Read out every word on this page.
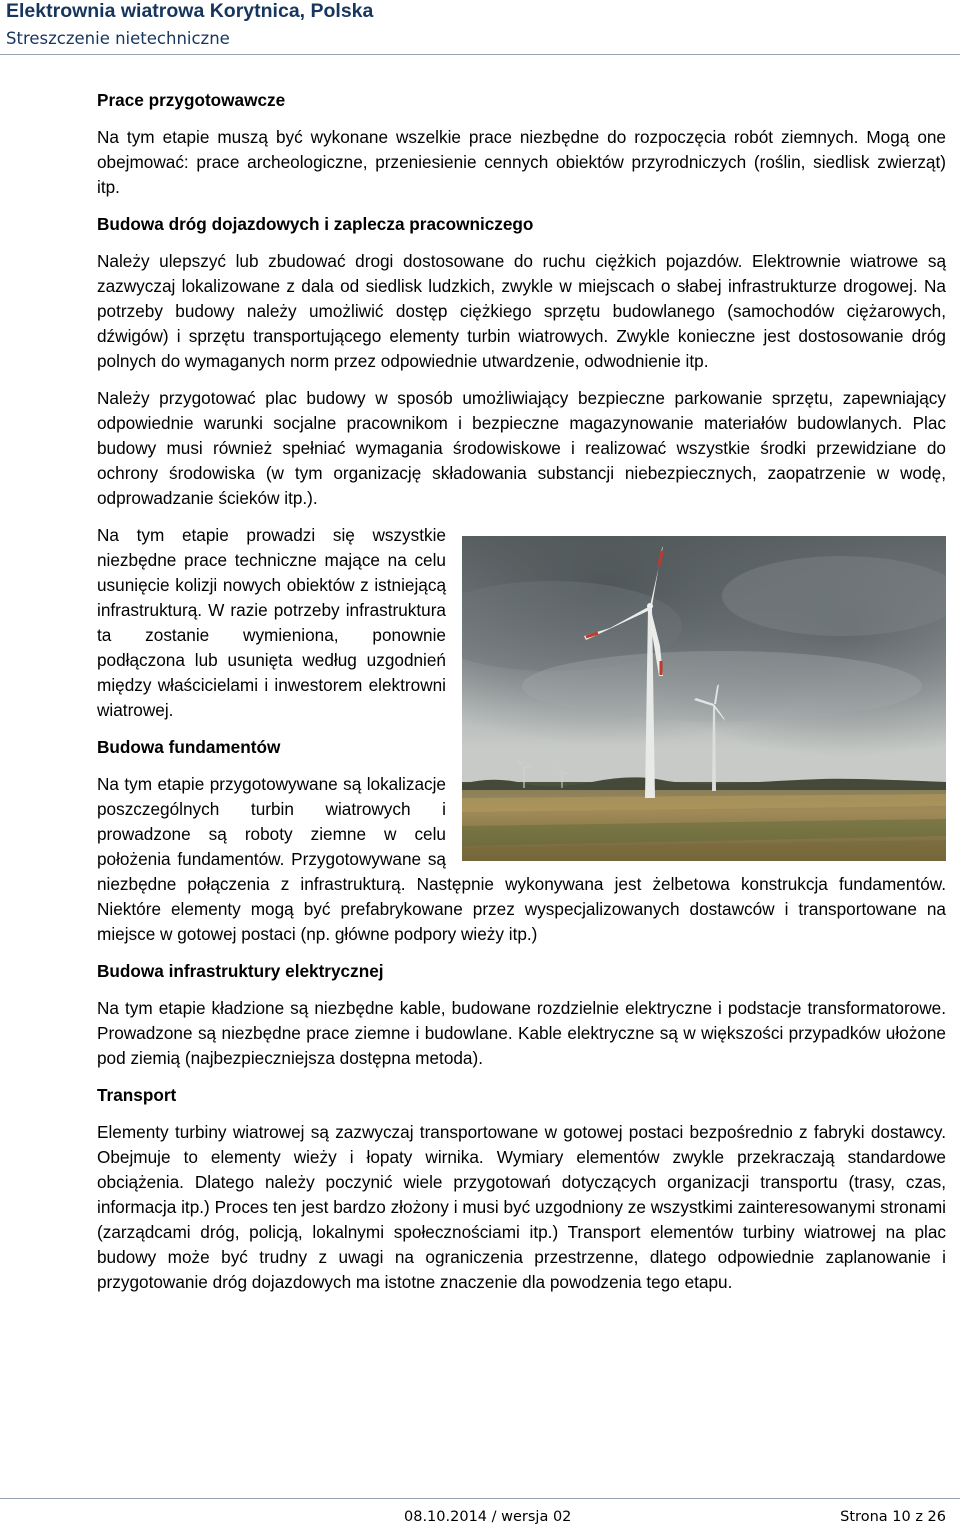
Elektrownia wiatrowa Korytnica, Polska
Streszczenie nietechniczne
Prace przygotowawcze

Na tym etapie muszą być wykonane wszelkie prace niezbędne do rozpoczęcia robót ziemnych. Mogą one obejmować: prace archeologiczne, przeniesienie cennych obiektów przyrodniczych (roślin, siedlisk zwierząt) itp.

Budowa dróg dojazdowych i zaplecza pracowniczego

Należy ulepszyć lub zbudować drogi dostosowane do ruchu ciężkich pojazdów. Elektrownie wiatrowe są zazwyczaj lokalizowane z dala od siedlisk ludzkich, zwykle w miejscach o słabej infrastrukturze drogowej. Na potrzeby budowy należy umożliwić dostęp ciężkiego sprzętu budowlanego (samochodów ciężarowych, dźwigów) i sprzętu transportującego elementy turbin wiatrowych. Zwykle konieczne jest dostosowanie dróg polnych do wymaganych norm przez odpowiednie utwardzenie, odwodnienie itp.

Należy przygotować plac budowy w sposób umożliwiający bezpieczne parkowanie sprzętu, zapewniający odpowiednie warunki socjalne pracownikom i bezpieczne magazynowanie materiałów budowlanych. Plac budowy musi również spełniać wymagania środowiskowe i realizować wszystkie środki przewidziane do ochrony środowiska (w tym organizację składowania substancji niebezpiecznych, zaopatrzenie w wodę, odprowadzanie ścieków itp.).

Na tym etapie prowadzi się wszystkie niezbędne prace techniczne mające na celu usunięcie kolizji nowych obiektów z istniejącą infrastrukturą. W razie potrzeby infrastruktura ta zostanie wymieniona, ponownie podłączona lub usunięta według uzgodnień między właścicielami i inwestorem elektrowni wiatrowej.

Budowa fundamentów

Na tym etapie przygotowywane są lokalizacje poszczególnych turbin wiatrowych i prowadzone są roboty ziemne w celu położenia fundamentów. Przygotowywane są niezbędne połączenia z infrastrukturą. Następnie wykonywana jest żelbetowa konstrukcja fundamentów. Niektóre elementy mogą być prefabrykowane przez wyspecjalizowanych dostawców i transportowane na miejsce w gotowej postaci (np. główne podpory wieży itp.)

Budowa infrastruktury elektrycznej

Na tym etapie kładzione są niezbędne kable, budowane rozdzielnie elektryczne i podstacje transformatorowe. Prowadzone są niezbędne prace ziemne i budowlane. Kable elektryczne są w większości przypadków ułożone pod ziemią (najbezpieczniejsza dostępna metoda).

Transport

Elementy turbiny wiatrowej są zazwyczaj transportowane w gotowej postaci bezpośrednio z fabryki dostawcy. Obejmuje to elementy wieży i łopaty wirnika. Wymiary elementów zwykle przekraczają standardowe obciążenia. Dlatego należy poczynić wiele przygotowań dotyczących organizacji transportu (trasy, czas, informacja itp.) Proces ten jest bardzo złożony i musi być uzgodniony ze wszystkimi zainteresowanymi stronami (zarządcami dróg, policją, lokalnymi społecznościami itp.) Transport elementów turbiny wiatrowej na plac budowy może być trudny z uwagi na ograniczenia przestrzenne, dlatego odpowiednie zaplanowanie i przygotowanie dróg dojazdowych ma istotne znaczenie dla powodzenia tego etapu.

08.10.2014 / wersja 02	Strona 10 z 26
